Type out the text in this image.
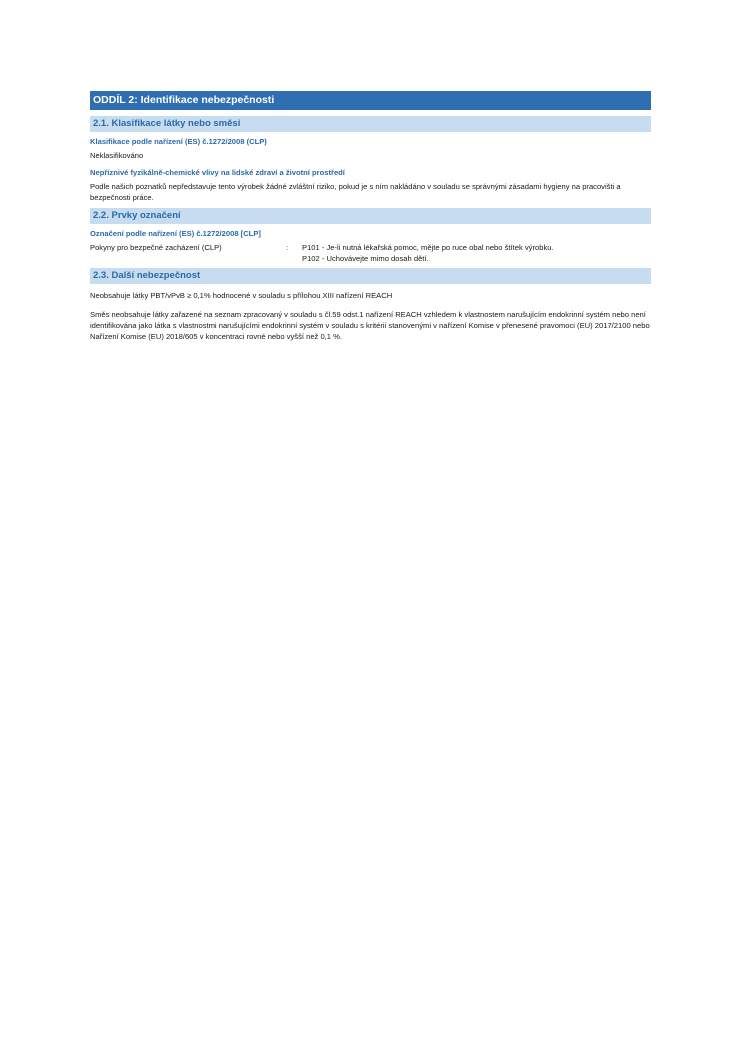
ODDÍL 2: Identifikace nebezpečnosti
2.1. Klasifikace látky nebo směsi
Klasifikace podle nařízení (ES) č.1272/2008 (CLP)
Neklasifikováno
Nepříznivé fyzikálně-chemické vlivy na lidské zdraví a životní prostředí
Podle našich poznatků nepředstavuje tento výrobek žádné zvláštní riziko, pokud je s ním nakládáno v souladu se správnými zásadami hygieny na pracovišti a bezpečnosti práce.
2.2. Prvky označení
Označení podle nařízení (ES) č.1272/2008 [CLP]
Pokyny pro bezpečné zacházení (CLP)	:	P101 - Je-li nutná lékařská pomoc, mějte po ruce obal nebo štítek výrobku.
P102 - Uchovávejte mimo dosah dětí.
2.3. Další nebezpečnost
Neobsahuje látky PBT/vPvB ≥ 0,1% hodnocené v souladu s přílohou XIII nařízení REACH
Směs neobsahuje látky zařazené na seznam zpracovaný v souladu s čl.59 odst.1 nařízení REACH vzhledem k vlastnostem narušujícím endokrinní systém nebo není identifikována jako látka s vlastnostmi narušujícími endokrinní systém v souladu s kritérii stanovenými v nařízení Komise v přenesené pravomoci (EU) 2017/2100 nebo Nařízení Komise (EU) 2018/605 v koncentraci rovné nebo vyšší než 0,1 %.
